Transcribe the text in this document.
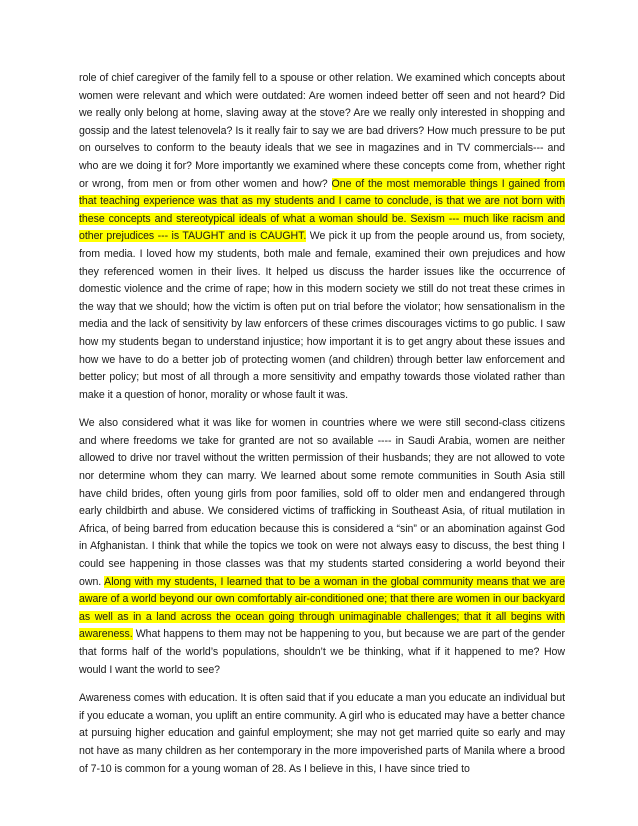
role of chief caregiver of the family fell to a spouse or other relation. We examined which concepts about women were relevant and which were outdated: Are women indeed better off seen and not heard? Did we really only belong at home, slaving away at the stove? Are we really only interested in shopping and gossip and the latest telenovela? Is it really fair to say we are bad drivers? How much pressure to be put on ourselves to conform to the beauty ideals that we see in magazines and in TV commercials--- and who are we doing it for? More importantly we examined where these concepts come from, whether right or wrong, from men or from other women and how? One of the most memorable things I gained from that teaching experience was that as my students and I came to conclude, is that we are not born with these concepts and stereotypical ideals of what a woman should be. Sexism --- much like racism and other prejudices --- is TAUGHT and is CAUGHT. We pick it up from the people around us, from society, from media. I loved how my students, both male and female, examined their own prejudices and how they referenced women in their lives. It helped us discuss the harder issues like the occurrence of domestic violence and the crime of rape; how in this modern society we still do not treat these crimes in the way that we should; how the victim is often put on trial before the violator; how sensationalism in the media and the lack of sensitivity by law enforcers of these crimes discourages victims to go public. I saw how my students began to understand injustice; how important it is to get angry about these issues and how we have to do a better job of protecting women (and children) through better law enforcement and better policy; but most of all through a more sensitivity and empathy towards those violated rather than make it a question of honor, morality or whose fault it was.

We also considered what it was like for women in countries where we were still second-class citizens and where freedoms we take for granted are not so available ---- in Saudi Arabia, women are neither allowed to drive nor travel without the written permission of their husbands; they are not allowed to vote nor determine whom they can marry. We learned about some remote communities in South Asia still have child brides, often young girls from poor families, sold off to older men and endangered through early childbirth and abuse. We considered victims of trafficking in Southeast Asia, of ritual mutilation in Africa, of being barred from education because this is considered a “sin” or an abomination against God in Afghanistan. I think that while the topics we took on were not always easy to discuss, the best thing I could see happening in those classes was that my students started considering a world beyond their own. Along with my students, I learned that to be a woman in the global community means that we are aware of a world beyond our own comfortably air-conditioned one; that there are women in our backyard as well as in a land across the ocean going through unimaginable challenges; that it all begins with awareness. What happens to them may not be happening to you, but because we are part of the gender that forms half of the world’s populations, shouldn’t we be thinking, what if it happened to me? How would I want the world to see?

Awareness comes with education. It is often said that if you educate a man you educate an individual but if you educate a woman, you uplift an entire community. A girl who is educated may have a better chance at pursuing higher education and gainful employment; she may not get married quite so early and may not have as many children as her contemporary in the more impoverished parts of Manila where a brood of 7-10 is common for a young woman of 28. As I believe in this, I have since tried to
